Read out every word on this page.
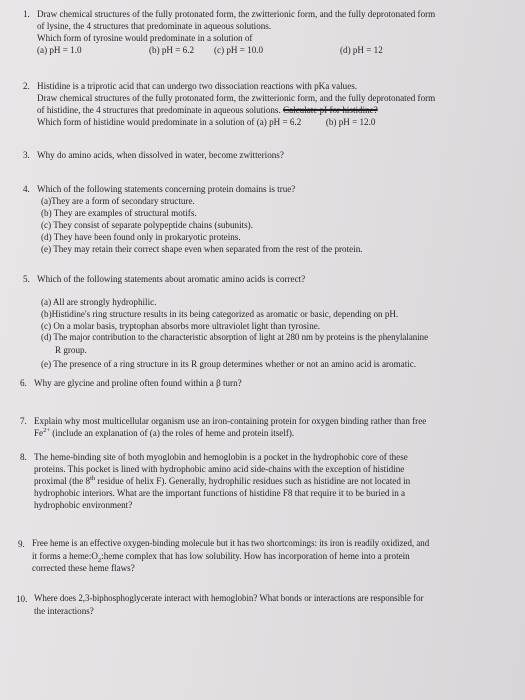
1. Draw chemical structures of the fully protonated form, the zwitterionic form, and the fully deprotonated form
of lysine, the 4 structures that predominate in aqueous solutions.
Which form of tyrosine would predominate in a solution of
(a) pH = 1.0	(b) pH = 6.2	(c) pH = 10.0	(d) pH = 12
2. Histidine is a triprotic acid that can undergo two dissociation reactions with pKa values.
Draw chemical structures of the fully protonated form, the zwitterionic form, and the fully deprotonated form
of histidine, the 4 structures that predominate in aqueous solutions. Calculate pI for histidine?
Which form of histidine would predominate in a solution of (a) pH = 6.2	(b) pH = 12.0
3. Why do amino acids, when dissolved in water, become zwitterions?
4. Which of the following statements concerning protein domains is true?
(a)They are a form of secondary structure.
(b) They are examples of structural motifs.
(c) They consist of separate polypeptide chains (subunits).
(d) They have been found only in prokaryotic proteins.
(e) They may retain their correct shape even when separated from the rest of the protein.
5. Which of the following statements about aromatic amino acids is correct?
(a) All are strongly hydrophilic.
(b)Histidine's ring structure results in its being categorized as aromatic or basic, depending on pH.
(c) On a molar basis, tryptophan absorbs more ultraviolet light than tyrosine.
(d) The major contribution to the characteristic absorption of light at 280 nm by proteins is the phenylalanine
R group.
(e) The presence of a ring structure in its R group determines whether or not an amino acid is aromatic.
6. Why are glycine and proline often found within a β turn?
7. Explain why most multicellular organism use an iron-containing protein for oxygen binding rather than free
$Fe^{2+}$ (include an explanation of (a) the roles of heme and protein itself).
8. The heme-binding site of both myoglobin and hemoglobin is a pocket in the hydrophobic core of these
proteins. This pocket is lined with hydrophobic amino acid side-chains with the exception of histidine
proximal (the 8th residue of helix F). Generally, hydrophilic residues such as histidine are not located in
hydrophobic interiors. What are the important functions of histidine F8 that require it to be buried in a
hydrophobic environment?
9. Free heme is an effective oxygen-binding molecule but it has two shortcomings: its iron is readily oxidized, and
it forms a $heme:O_2:heme$ complex that has low solubility. How has incorporation of heme into a protein
corrected these heme flaws?
10. Where does 2,3-biphosphoglycerate interact with hemoglobin? What bonds or interactions are responsible for
the interactions?
